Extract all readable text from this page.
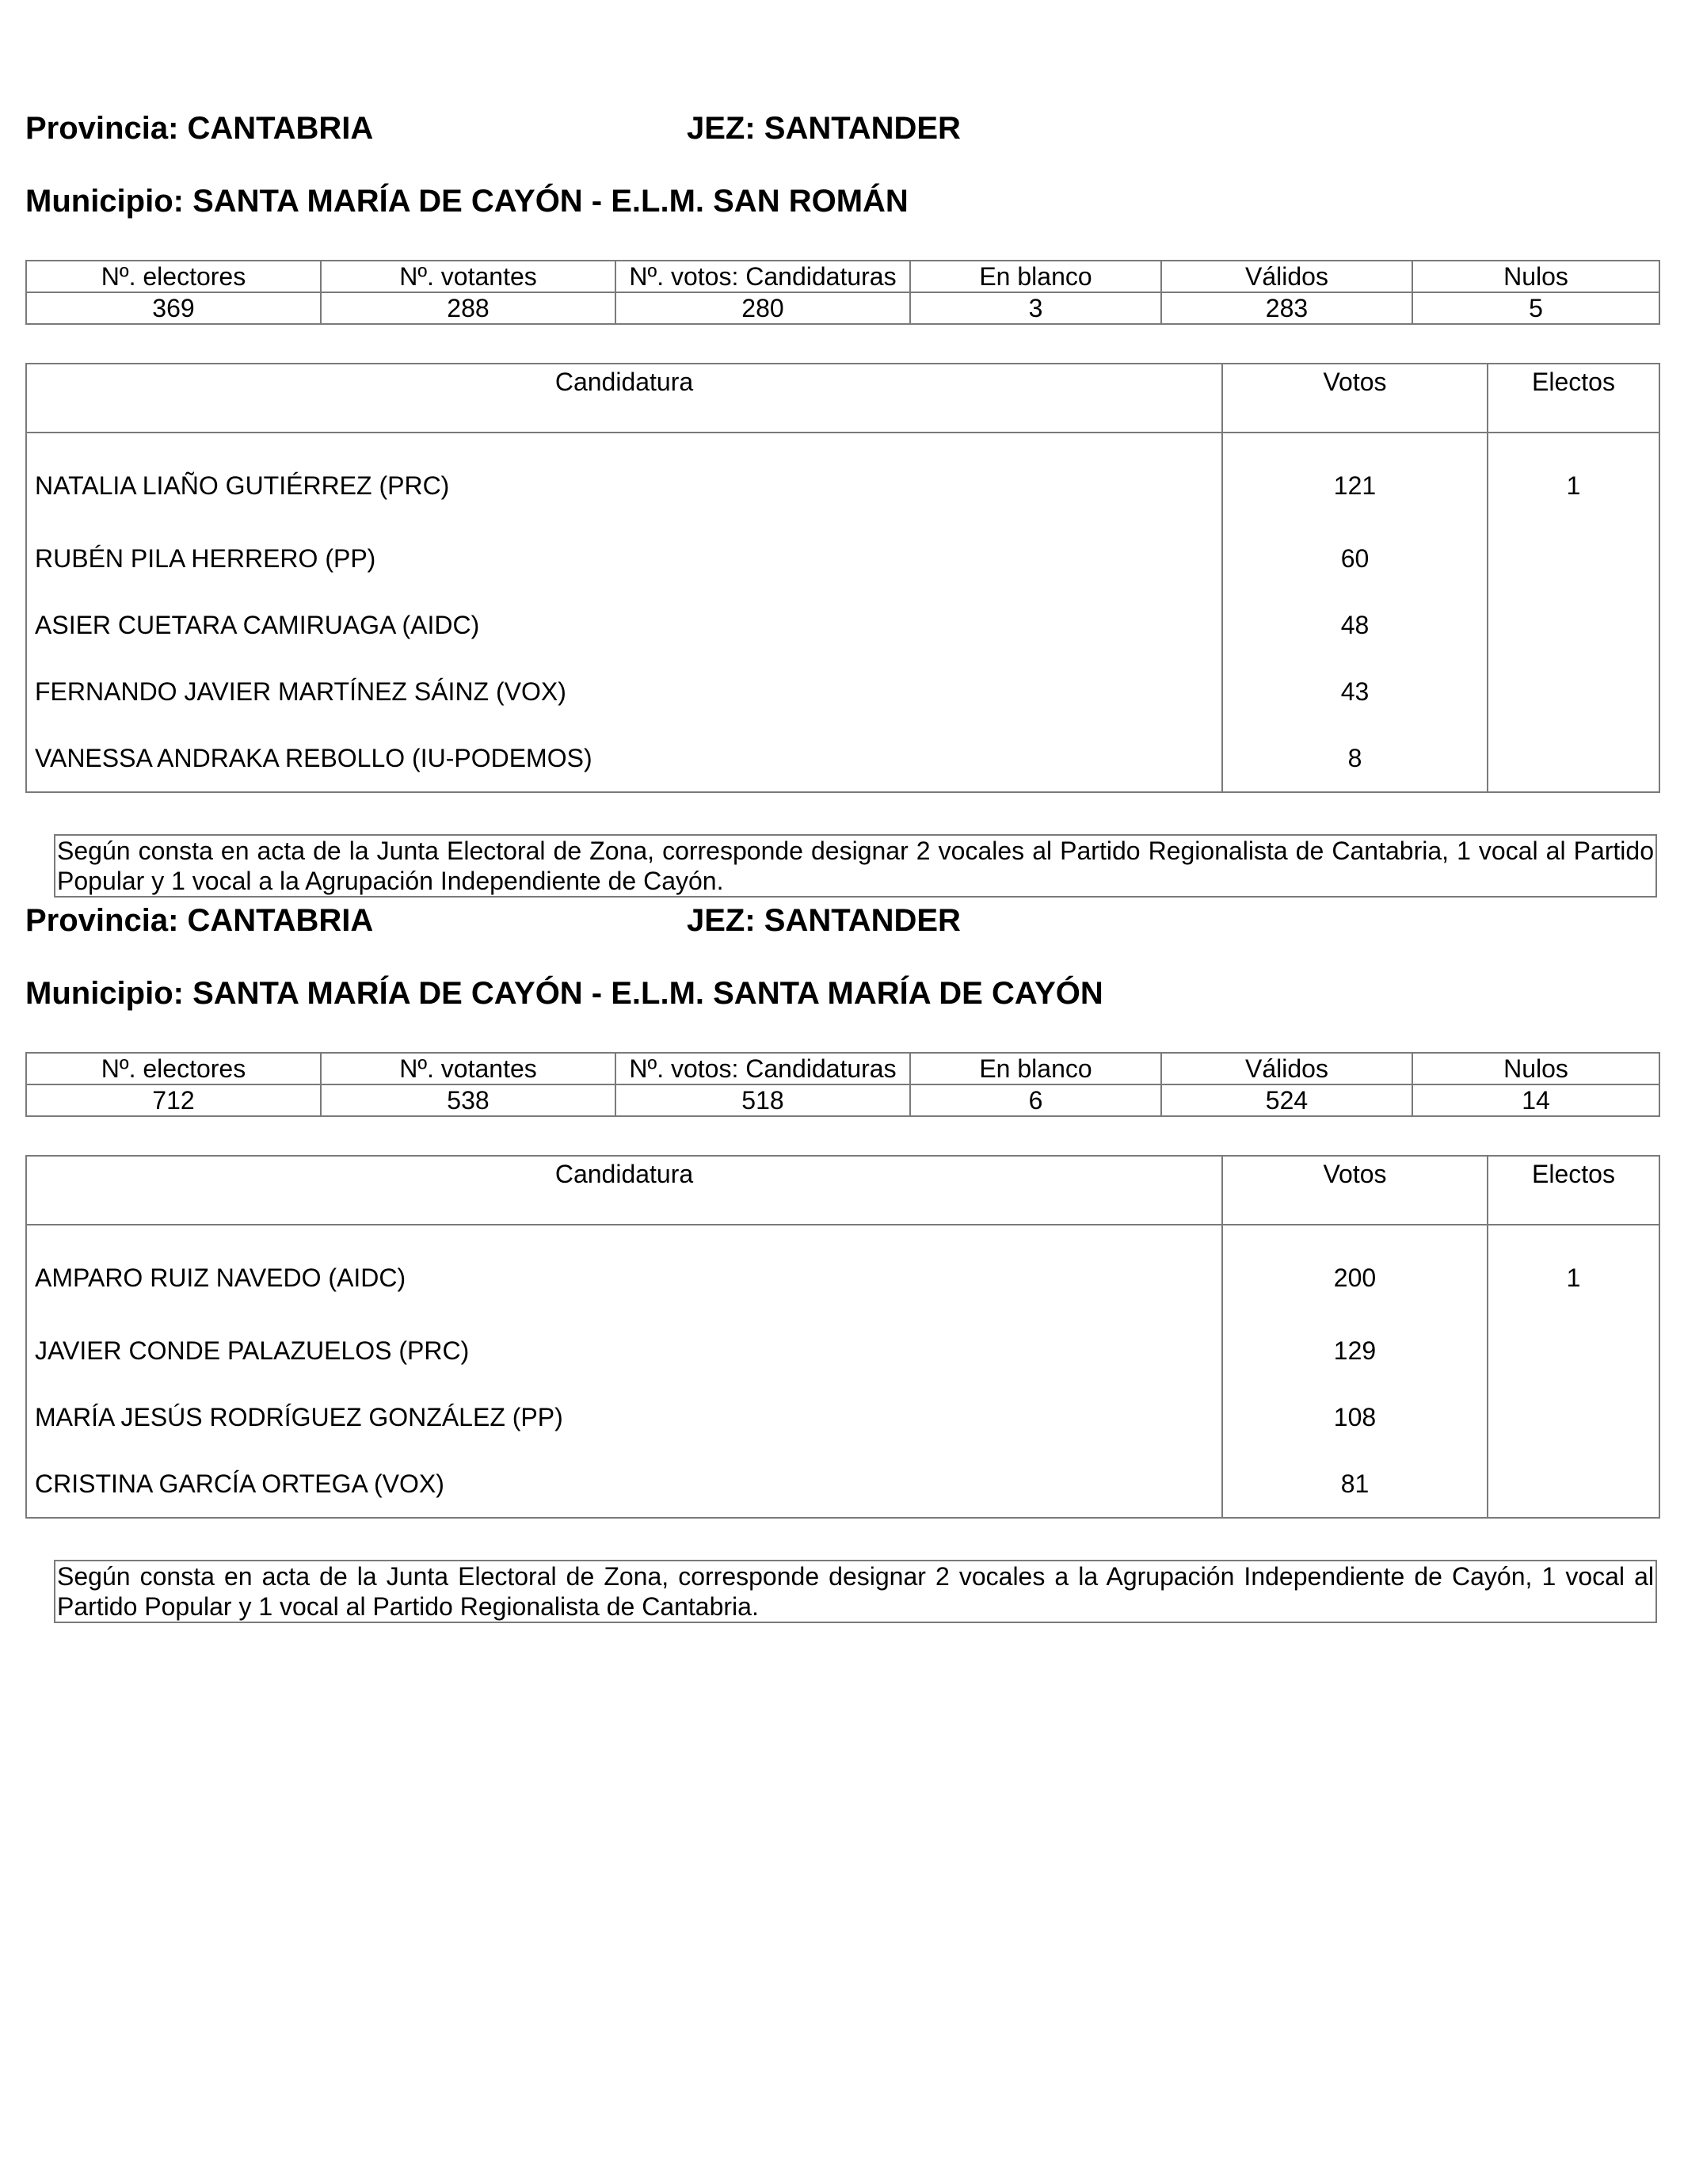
Provincia: CANTABRIA	JEZ: SANTANDER
Municipio: SANTA MARÍA DE CAYÓN - E.L.M. SAN ROMÁN
Nº. electores	Nº. votantes	Nº. votos: Candidaturas	En blanco	Válidos	Nulos
369	288	280	3	283	5
Candidatura	Votos	Electos
NATALIA LIAÑO GUTIÉRREZ (PRC)	121	1
RUBÉN PILA HERRERO (PP)	60	
ASIER CUETARA CAMIRUAGA (AIDC)	48	
FERNANDO JAVIER MARTÍNEZ SÁINZ (VOX)	43	
VANESSA ANDRAKA REBOLLO (IU-PODEMOS)	8	
Según consta en acta de la Junta Electoral de Zona, corresponde designar 2 vocales al Partido Regionalista de Cantabria, 1 vocal al Partido Popular y 1 vocal a la Agrupación Independiente de Cayón.
Provincia: CANTABRIA	JEZ: SANTANDER
Municipio: SANTA MARÍA DE CAYÓN - E.L.M. SANTA MARÍA DE CAYÓN
Nº. electores	Nº. votantes	Nº. votos: Candidaturas	En blanco	Válidos	Nulos
712	538	518	6	524	14
Candidatura	Votos	Electos
AMPARO RUIZ NAVEDO (AIDC)	200	1
JAVIER CONDE PALAZUELOS (PRC)	129	
MARÍA JESÚS RODRÍGUEZ GONZÁLEZ (PP)	108	
CRISTINA GARCÍA ORTEGA (VOX)	81	
Según consta en acta de la Junta Electoral de Zona, corresponde designar 2 vocales a la Agrupación Independiente de Cayón, 1 vocal al Partido Popular y 1 vocal al Partido Regionalista de Cantabria.
